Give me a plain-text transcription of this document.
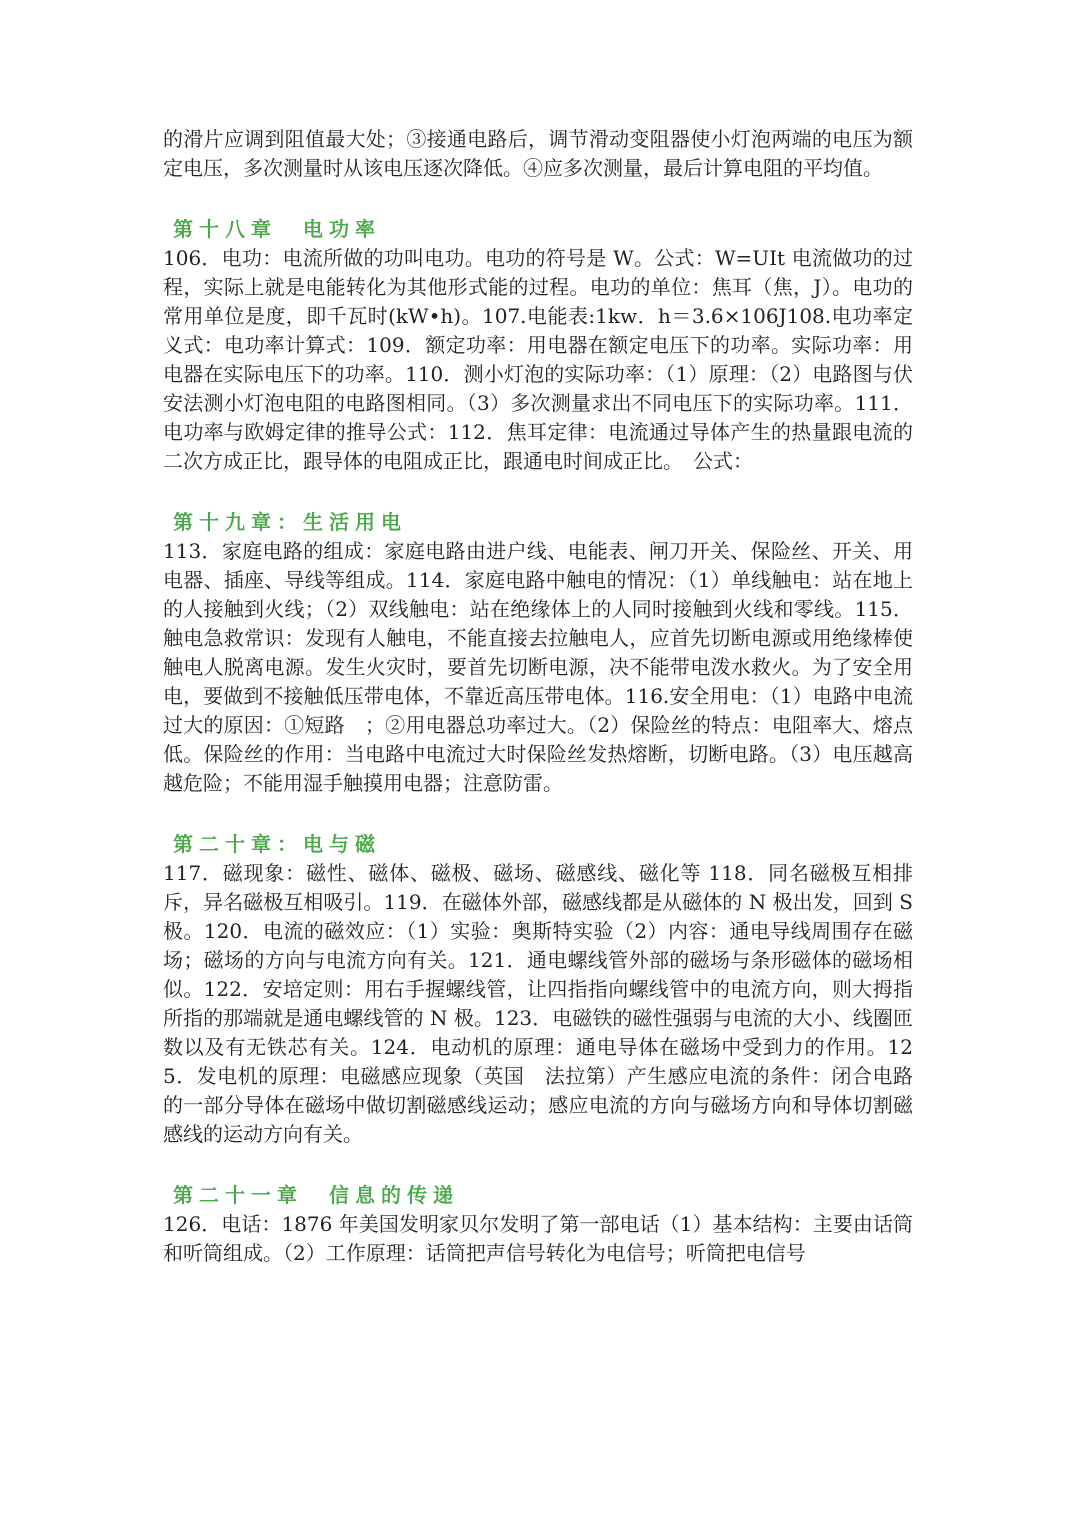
的滑片应调到阻值最大处；③接通电路后，调节滑动变阻器使小灯泡两端的电压为额定电压，多次测量时从该电压逐次降低。④应多次测量，最后计算电阻的平均值。

第十八章　电功率

106．电功：电流所做的功叫电功。电功的符号是 W。公式：W=UIt 电流做功的过程，实际上就是电能转化为其他形式能的过程。电功的单位：焦耳（焦，J）。电功的常用单位是度，即千瓦时(kW•h)。107.电能表:1kw．h＝3.6×106J108.电功率定义式：电功率计算式：109．额定功率：用电器在额定电压下的功率。实际功率：用电器在实际电压下的功率。110．测小灯泡的实际功率：（1）原理：（2）电路图与伏安法测小灯泡电阻的电路图相同。（3）多次测量求出不同电压下的实际功率。111．电功率与欧姆定律的推导公式：112．焦耳定律：电流通过导体产生的热量跟电流的二次方成正比，跟导体的电阻成正比，跟通电时间成正比。　公式：

第十九章：生活用电

113．家庭电路的组成：家庭电路由进户线、电能表、闸刀开关、保险丝、开关、用电器、插座、导线等组成。114．家庭电路中触电的情况：（1）单线触电：站在地上的人接触到火线；（2）双线触电：站在绝缘体上的人同时接触到火线和零线。115．触电急救常识：发现有人触电，不能直接去拉触电人，应首先切断电源或用绝缘棒使触电人脱离电源。发生火灾时，要首先切断电源，决不能带电泼水救火。为了安全用电，要做到不接触低压带电体，不靠近高压带电体。116.安全用电：（1）电路中电流过大的原因：①短路　；②用电器总功率过大。（2）保险丝的特点：电阻率大、熔点低。保险丝的作用：当电路中电流过大时保险丝发热熔断，切断电路。（3）电压越高越危险；不能用湿手触摸用电器；注意防雷。

第二十章：电与磁

117．磁现象：磁性、磁体、磁极、磁场、磁感线、磁化等 118．同名磁极互相排斥，异名磁极互相吸引。119．在磁体外部，磁感线都是从磁体的 N 极出发，回到 S 极。120．电流的磁效应：（1）实验：奥斯特实验（2）内容：通电导线周围存在磁场；磁场的方向与电流方向有关。121．通电螺线管外部的磁场与条形磁体的磁场相似。122．安培定则：用右手握螺线管，让四指指向螺线管中的电流方向，则大拇指所指的那端就是通电螺线管的 N 极。123．电磁铁的磁性强弱与电流的大小、线圈匝数以及有无铁芯有关。124．电动机的原理：通电导体在磁场中受到力的作用。125．发电机的原理：电磁感应现象（英国　法拉第）产生感应电流的条件：闭合电路的一部分导体在磁场中做切割磁感线运动；感应电流的方向与磁场方向和导体切割磁感线的运动方向有关。

第二十一章　信息的传递

126．电话：1876 年美国发明家贝尔发明了第一部电话（1）基本结构：主要由话筒和听筒组成。（2）工作原理：话筒把声信号转化为电信号；听筒把电信号
